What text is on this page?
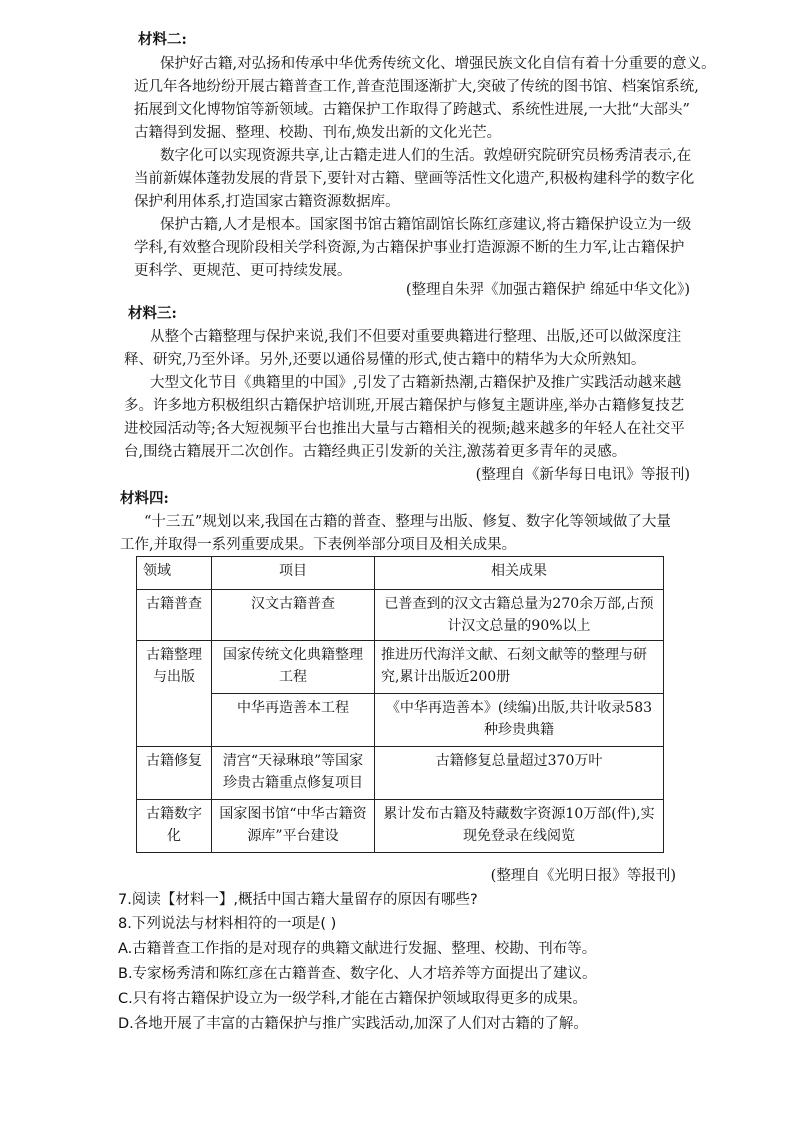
材料二:
保护好古籍,对弘扬和传承中华优秀传统文化、增强民族文化自信有着十分重要的意义。
近几年各地纷纷开展古籍普查工作,普查范围逐渐扩大,突破了传统的图书馆、档案馆系统,
拓展到文化博物馆等新领域。古籍保护工作取得了跨越式、系统性进展,一大批“大部头”
古籍得到发掘、整理、校勘、刊布,焕发出新的文化光芒。
数字化可以实现资源共享,让古籍走进人们的生活。敦煌研究院研究员杨秀清表示,在
当前新媒体蓬勃发展的背景下,要针对古籍、壁画等活性文化遗产,积极构建科学的数字化
保护利用体系,打造国家古籍资源数据库。
保护古籍,人才是根本。国家图书馆古籍馆副馆长陈红彦建议,将古籍保护设立为一级
学科,有效整合现阶段相关学科资源,为古籍保护事业打造源源不断的生力军,让古籍保护
更科学、更规范、更可持续发展。
(整理自朱羿《加强古籍保护 绵延中华文化》)
材料三:
从整个古籍整理与保护来说,我们不但要对重要典籍进行整理、出版,还可以做深度注
释、研究,乃至外译。另外,还要以通俗易懂的形式,使古籍中的精华为大众所熟知。
大型文化节目《典籍里的中国》,引发了古籍新热潮,古籍保护及推广实践活动越来越
多。许多地方积极组织古籍保护培训班,开展古籍保护与修复主题讲座,举办古籍修复技艺
进校园活动等;各大短视频平台也推出大量与古籍相关的视频;越来越多的年轻人在社交平
台,围绕古籍展开二次创作。古籍经典正引发新的关注,激荡着更多青年的灵感。
(整理自《新华每日电讯》等报刊)
材料四:
“十三五”规划以来,我国在古籍的普查、整理与出版、修复、数字化等领域做了大量
工作,并取得一系列重要成果。下表例举部分项目及相关成果。
领域	项目	相关成果
古籍普查	汉文古籍普查	已普查到的汉文古籍总量为270余万部,占预计汉文总量的90%以上
古籍整理与出版	国家传统文化典籍整理工程	推进历代海洋文献、石刻文献等的整理与研究,累计出版近200册
	中华再造善本工程	《中华再造善本》(续编)出版,共计收录583种珍贵典籍
古籍修复	清宫“天禄琳琅”等国家珍贵古籍重点修复项目	古籍修复总量超过370万叶
古籍数字化	国家图书馆“中华古籍资源库”平台建设	累计发布古籍及特藏数字资源10万部(件),实现免登录在线阅览
(整理自《光明日报》等报刊)
7.阅读【材料一】,概括中国古籍大量留存的原因有哪些?
8.下列说法与材料相符的一项是( )
A.古籍普查工作指的是对现存的典籍文献进行发掘、整理、校勘、刊布等。
B.专家杨秀清和陈红彦在古籍普查、数字化、人才培养等方面提出了建议。
C.只有将古籍保护设立为一级学科,才能在古籍保护领域取得更多的成果。
D.各地开展了丰富的古籍保护与推广实践活动,加深了人们对古籍的了解。
